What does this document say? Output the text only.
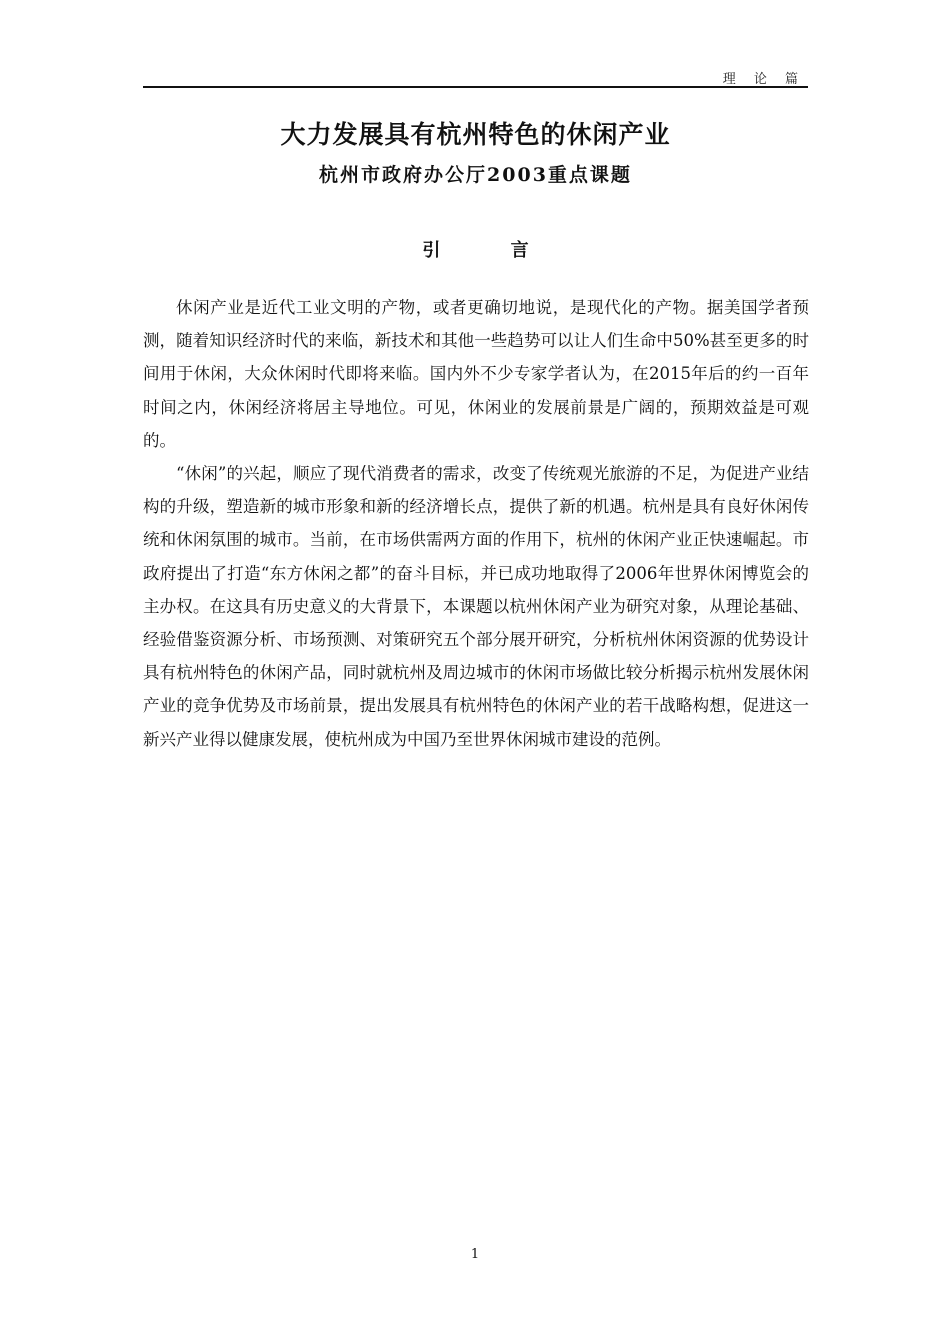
理 论 篇
大力发展具有杭州特色的休闲产业
杭州市政府办公厅2003重点课题
引 言

休闲产业是近代工业文明的产物，或者更确切地说，是现代化的产物。据美国学者预测，随着知识经济时代的来临，新技术和其他一些趋势可以让人们生命中50%甚至更多的时间用于休闲，大众休闲时代即将来临。国内外不少专家学者认为，在2015年后的约一百年时间之内，休闲经济将居主导地位。可见，休闲业的发展前景是广阔的，预期效益是可观的。

“休闲”的兴起，顺应了现代消费者的需求，改变了传统观光旅游的不足，为促进产业结构的升级，塑造新的城市形象和新的经济增长点，提供了新的机遇。杭州是具有良好休闲传统和休闲氛围的城市。当前，在市场供需两方面的作用下，杭州的休闲产业正快速崛起。市政府提出了打造“东方休闲之都”的奋斗目标，并已成功地取得了2006年世界休闲博览会的主办权。在这具有历史意义的大背景下，本课题以杭州休闲产业为研究对象，从理论基础、经验借鉴资源分析、市场预测、对策研究五个部分展开研究，分析杭州休闲资源的优势设计具有杭州特色的休闲产品，同时就杭州及周边城市的休闲市场做比较分析揭示杭州发展休闲产业的竞争优势及市场前景，提出发展具有杭州特色的休闲产业的若干战略构想，促进这一新兴产业得以健康发展，使杭州成为中国乃至世界休闲城市建设的范例。

1
